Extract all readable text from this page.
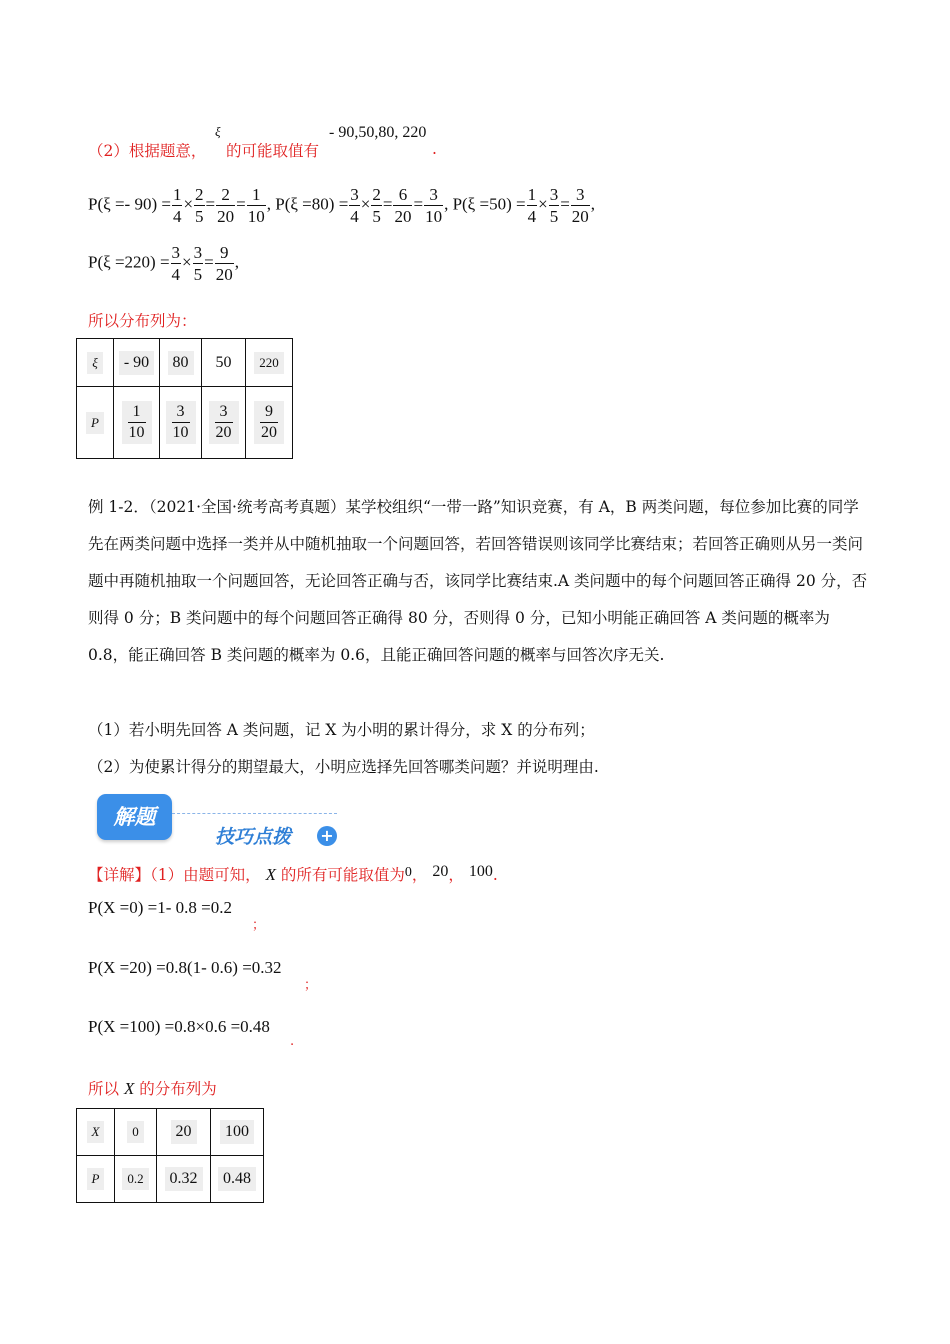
（2）根据题意，
ξ
的可能取值有
- 90,50,80, 220
.
$P(\xi =- 90) = \frac{1}{4} \times \frac{2}{5} = \frac{2}{20} = \frac{1}{10}$ , $P(\xi =80) = \frac{3}{4} \times \frac{2}{5} = \frac{6}{20} = \frac{3}{10}$ , $P(\xi =50) = \frac{1}{4} \times \frac{3}{5} = \frac{3}{20}$ ,
$P(\xi =220) = \frac{3}{4} \times \frac{3}{5} = \frac{9}{20}$ ,
所以分布列为：
ξ	- 90	80	50	220
P	$\frac{1}{10}$	$\frac{3}{10}$	$\frac{3}{20}$	$\frac{9}{20}$
例 1-2．（2021·全国·统考高考真题）某学校组织“一带一路”知识竞赛，有 A，B 两类问题，每位参加比赛的同学先在两类问题中选择一类并从中随机抽取一个问题回答，若回答错误则该同学比赛结束；若回答正确则从另一类问题中再随机抽取一个问题回答，无论回答正确与否，该同学比赛结束.A 类问题中的每个问题回答正确得 20 分，否则得 0 分；B 类问题中的每个问题回答正确得 80 分，否则得 0 分，已知小明能正确回答 A 类问题的概率为 0.8，能正确回答 B 类问题的概率为 0.6，且能正确回答问题的概率与回答次序无关.
（1）若小明先回答 A 类问题，记 X 为小明的累计得分，求 X 的分布列；
（2）为使累计得分的期望最大，小明应选择先回答哪类问题？并说明理由.
解题
技巧点拨 +
【详解】（1）由题可知， X 的所有可能取值为0， 20， 100.
P(X =0) =1- 0.8 =0.2
；
P(X =20) =0.8(1- 0.6) =0.32
；
P(X =100) =0.8×0.6 =0.48
.
所以 X 的分布列为
X	0	20	100
P	0.2	0.32	0.48
